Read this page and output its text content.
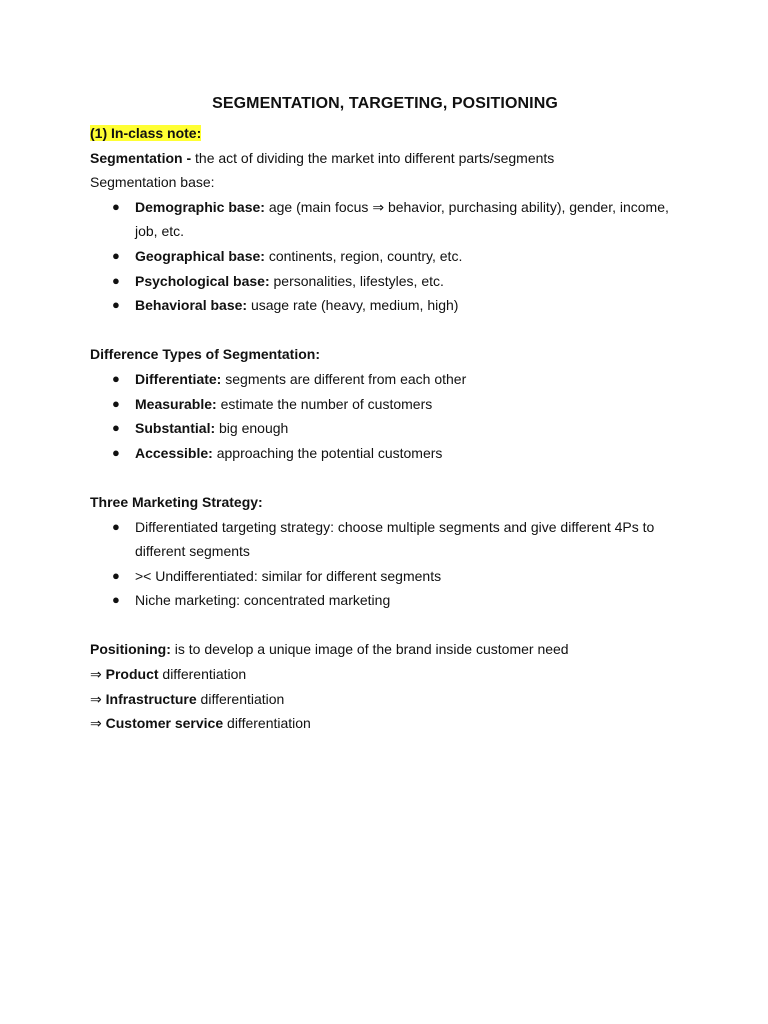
SEGMENTATION, TARGETING, POSITIONING
(1) In-class note:
Segmentation - the act of dividing the market into different parts/segments
Segmentation base:
● Demographic base: age (main focus ⇒ behavior, purchasing ability), gender, income, job, etc.
● Geographical base: continents, region, country, etc.
● Psychological base: personalities, lifestyles, etc.
● Behavioral base: usage rate (heavy, medium, high)
Difference Types of Segmentation:
● Differentiate: segments are different from each other
● Measurable: estimate the number of customers
● Substantial: big enough
● Accessible: approaching the potential customers
Three Marketing Strategy:
● Differentiated targeting strategy: choose multiple segments and give different 4Ps to different segments
● >< Undifferentiated: similar for different segments
● Niche marketing: concentrated marketing
Positioning: is to develop a unique image of the brand inside customer need
⇒ Product differentiation
⇒ Infrastructure differentiation
⇒ Customer service differentiation
